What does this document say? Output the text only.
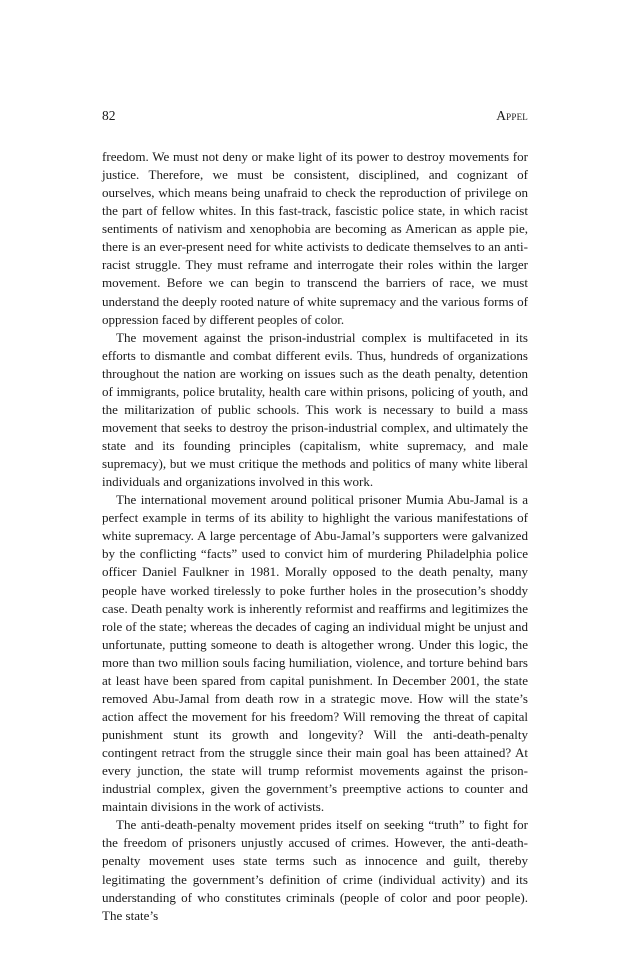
82	Appel

freedom. We must not deny or make light of its power to destroy movements for justice. Therefore, we must be consistent, disciplined, and cognizant of ourselves, which means being unafraid to check the reproduction of privilege on the part of fellow whites. In this fast-track, fascistic police state, in which racist sentiments of nativism and xenophobia are becoming as American as apple pie, there is an ever-present need for white activists to dedicate themselves to an anti-racist struggle. They must reframe and interrogate their roles within the larger movement. Before we can begin to transcend the barriers of race, we must understand the deeply rooted nature of white supremacy and the various forms of oppression faced by different peoples of color.

The movement against the prison-industrial complex is multifaceted in its efforts to dismantle and combat different evils. Thus, hundreds of organizations throughout the nation are working on issues such as the death penalty, detention of immigrants, police brutality, health care within prisons, policing of youth, and the militarization of public schools. This work is necessary to build a mass movement that seeks to destroy the prison-industrial complex, and ultimately the state and its founding principles (capitalism, white supremacy, and male supremacy), but we must critique the methods and politics of many white liberal individuals and organizations involved in this work.

The international movement around political prisoner Mumia Abu-Jamal is a perfect example in terms of its ability to highlight the various manifestations of white supremacy. A large percentage of Abu-Jamal’s supporters were galvanized by the conflicting “facts” used to convict him of murdering Philadelphia police officer Daniel Faulkner in 1981. Morally opposed to the death penalty, many people have worked tirelessly to poke further holes in the prosecution’s shoddy case. Death penalty work is inherently reformist and reaffirms and legitimizes the role of the state; whereas the decades of caging an individual might be unjust and unfortunate, putting someone to death is altogether wrong. Under this logic, the more than two million souls facing humiliation, violence, and torture behind bars at least have been spared from capital punishment. In December 2001, the state removed Abu-Jamal from death row in a strategic move. How will the state’s action affect the movement for his freedom? Will removing the threat of capital punishment stunt its growth and longevity? Will the anti-death-penalty contingent retract from the struggle since their main goal has been attained? At every junction, the state will trump reformist movements against the prison-industrial complex, given the government’s preemptive actions to counter and maintain divisions in the work of activists.

The anti-death-penalty movement prides itself on seeking “truth” to fight for the freedom of prisoners unjustly accused of crimes. However, the anti-death-penalty movement uses state terms such as innocence and guilt, thereby legitimating the government’s definition of crime (individual activity) and its understanding of who constitutes criminals (people of color and poor people). The state’s
